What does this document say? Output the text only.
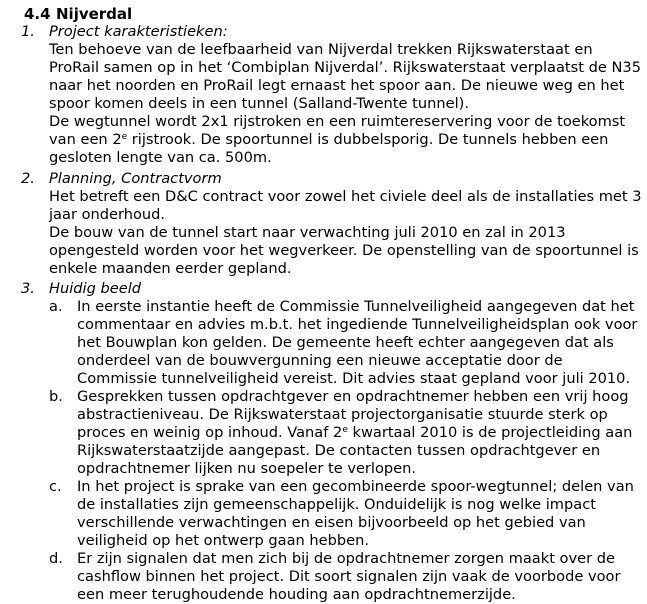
4.4 Nijverdal
1. Project karakteristieken:
Ten behoeve van de leefbaarheid van Nijverdal trekken Rijkswaterstaat en
ProRail samen op in het ‘Combiplan Nijverdal’. Rijkswaterstaat verplaatst de N35
naar het noorden en ProRail legt ernaast het spoor aan. De nieuwe weg en het
spoor komen deels in een tunnel (Salland-Twente tunnel).
De wegtunnel wordt 2x1 rijstroken en een ruimtereservering voor de toekomst
van een 2e rijstrook. De spoortunnel is dubbelsporig. De tunnels hebben een
gesloten lengte van ca. 500m.
2. Planning, Contractvorm
Het betreft een D&C contract voor zowel het civiele deel als de installaties met 3
jaar onderhoud.
De bouw van de tunnel start naar verwachting juli 2010 en zal in 2013
opengesteld worden voor het wegverkeer. De openstelling van de spoortunnel is
enkele maanden eerder gepland.
3. Huidig beeld
a. In eerste instantie heeft de Commissie Tunnelveiligheid aangegeven dat het
commentaar en advies m.b.t. het ingediende Tunnelveiligheidsplan ook voor
het Bouwplan kon gelden. De gemeente heeft echter aangegeven dat als
onderdeel van de bouwvergunning een nieuwe acceptatie door de
Commissie tunnelveiligheid vereist. Dit advies staat gepland voor juli 2010.
b. Gesprekken tussen opdrachtgever en opdrachtnemer hebben een vrij hoog
abstractieniveau. De Rijkswaterstaat projectorganisatie stuurde sterk op
proces en weinig op inhoud. Vanaf 2e kwartaal 2010 is de projectleiding aan
Rijkswaterstaatzijde aangepast. De contacten tussen opdrachtgever en
opdrachtnemer lijken nu soepeler te verlopen.
c. In het project is sprake van een gecombineerde spoor-wegtunnel; delen van
de installaties zijn gemeenschappelijk. Onduidelijk is nog welke impact
verschillende verwachtingen en eisen bijvoorbeeld op het gebied van
veiligheid op het ontwerp gaan hebben.
d. Er zijn signalen dat men zich bij de opdrachtnemer zorgen maakt over de
cashflow binnen het project. Dit soort signalen zijn vaak de voorbode voor
een meer terughoudende houding aan opdrachtnemerzijde.
